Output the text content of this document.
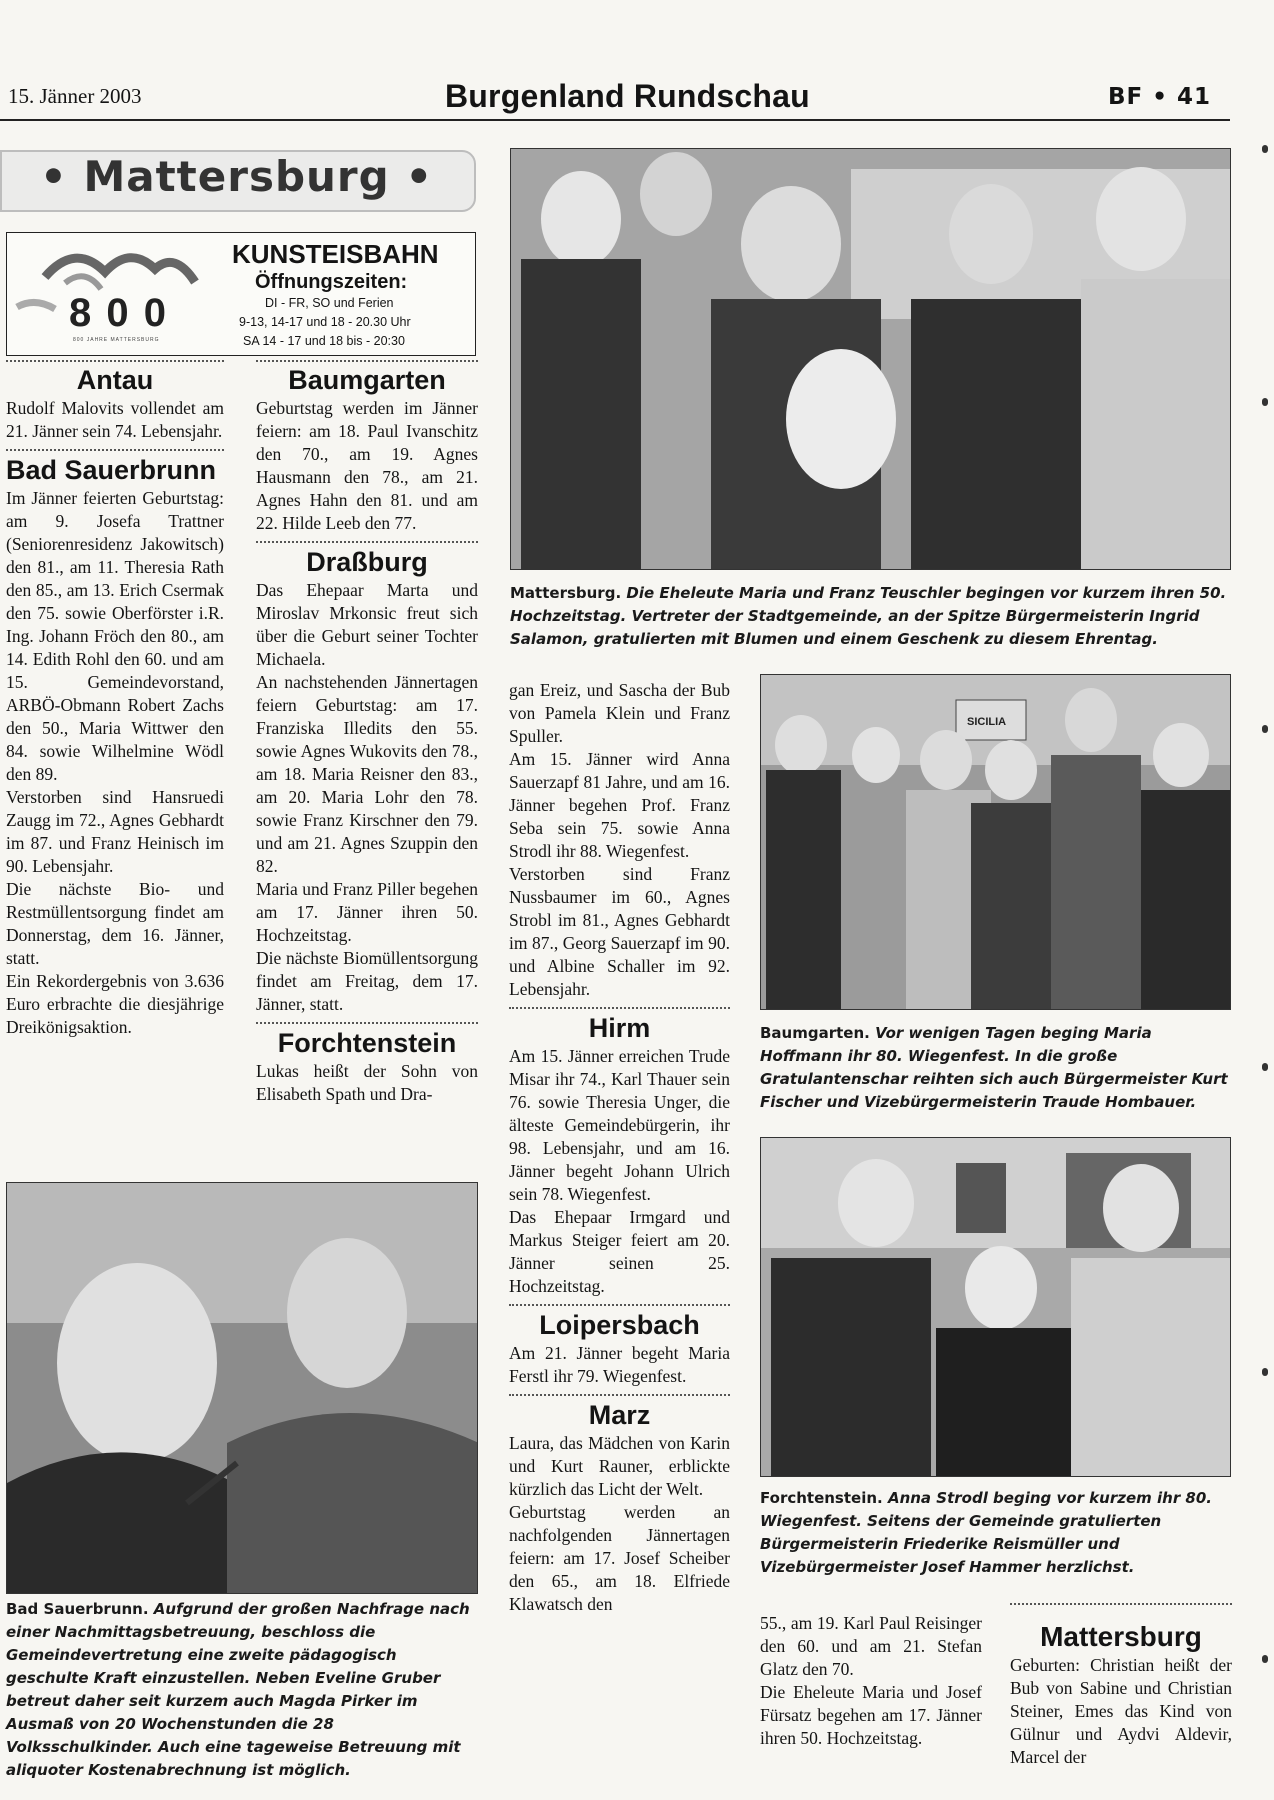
15. Jänner 2003	Burgenland Rundschau	BF • 41
• Mattersburg •
8 0 0
800 JAHRE MATTERSBURG
KUNSTEISBAHN
Öffnungszeiten:
DI - FR, SO und Ferien
9-13, 14-17 und 18 - 20.30 Uhr
SA 14 - 17 und 18 bis - 20:30
Antau

Rudolf Malovits vollendet am 21. Jänner sein 74. Lebensjahr.

Bad Sauerbrunn

Im Jänner feierten Geburtstag: am 9. Josefa Trattner (Seniorenresidenz Jakowitsch) den 81., am 11. Theresia Rath den 85., am 13. Erich Csermak den 75. sowie Oberförster i.R. Ing. Johann Fröch den 80., am 14. Edith Rohl den 60. und am 15. Gemeindevorstand, ARBÖ-Obmann Robert Zachs den 50., Maria Wittwer den 84. sowie Wilhelmine Wödl den 89.

Verstorben sind Hansruedi Zaugg im 72., Agnes Gebhardt im 87. und Franz Heinisch im 90. Lebensjahr.

Die nächste Bio- und Restmüllentsorgung findet am Donnerstag, dem 16. Jänner, statt.

Ein Rekordergebnis von 3.636 Euro erbrachte die diesjährige Dreikönigsaktion.

Baumgarten

Geburtstag werden im Jänner feiern: am 18. Paul Ivanschitz den 70., am 19. Agnes Hausmann den 78., am 21. Agnes Hahn den 81. und am 22. Hilde Leeb den 77.

Draßburg

Das Ehepaar Marta und Miroslav Mrkonsic freut sich über die Geburt seiner Tochter Michaela.

An nachstehenden Jännertagen feiern Geburtstag: am 17. Franziska Illedits den 55. sowie Agnes Wukovits den 78., am 18. Maria Reisner den 83., am 20. Maria Lohr den 78. sowie Franz Kirschner den 79. und am 21. Agnes Szuppin den 82.

Maria und Franz Piller begehen am 17. Jänner ihren 50. Hochzeitstag.

Die nächste Biomüllentsorgung findet am Freitag, dem 17. Jänner, statt.

Forchtenstein

Lukas heißt der Sohn von Elisabeth Spath und Dra-

Bad Sauerbrunn. Aufgrund der großen Nachfrage nach einer Nachmittagsbetreuung, beschloss die Gemeindevertretung eine zweite pädagogisch geschulte Kraft einzustellen. Neben Eveline Gruber betreut daher seit kurzem auch Magda Pirker im Ausmaß von 20 Wochenstunden die 28 Volksschulkinder. Auch eine tageweise Betreuung mit aliquoter Kostenabrechnung ist möglich.
Mattersburg. Die Eheleute Maria und Franz Teuschler begingen vor kurzem ihren 50. Hochzeitstag. Vertreter der Stadtgemeinde, an der Spitze Bürgermeisterin Ingrid Salamon, gratulierten mit Blumen und einem Geschenk zu diesem Ehrentag.

gan Ereiz, und Sascha der Bub von Pamela Klein und Franz Spuller.

Am 15. Jänner wird Anna Sauerzapf 81 Jahre, und am 16. Jänner begehen Prof. Franz Seba sein 75. sowie Anna Strodl ihr 88. Wiegenfest.

Verstorben sind Franz Nussbaumer im 60., Agnes Strobl im 81., Agnes Gebhardt im 87., Georg Sauerzapf im 90. und Albine Schaller im 92. Lebensjahr.

Hirm

Am 15. Jänner erreichen Trude Misar ihr 74., Karl Thauer sein 76. sowie Theresia Unger, die älteste Gemeindebürgerin, ihr 98. Lebensjahr, und am 16. Jänner begeht Johann Ulrich sein 78. Wiegenfest.

Das Ehepaar Irmgard und Markus Steiger feiert am 20. Jänner seinen 25. Hochzeitstag.

Loipersbach

Am 21. Jänner begeht Maria Ferstl ihr 79. Wiegenfest.

Marz

Laura, das Mädchen von Karin und Kurt Rauner, erblickte kürzlich das Licht der Welt.

Geburtstag werden an nachfolgenden Jännertagen feiern: am 17. Josef Scheiber den 65., am 18. Elfriede Klawatsch den

SICILIA
Baumgarten. Vor wenigen Tagen beging Maria Hoffmann ihr 80. Wiegenfest. In die große Gratulantenschar reihten sich auch Bürgermeister Kurt Fischer und Vizebürgermeisterin Traude Hombauer.
Forchtenstein. Anna Strodl beging vor kurzem ihr 80. Wiegenfest. Seitens der Gemeinde gratulierten Bürgermeisterin Friederike Reismüller und Vizebürgermeister Josef Hammer herzlichst.

55., am 19. Karl Paul Reisinger den 60. und am 21. Stefan Glatz den 70.

Die Eheleute Maria und Josef Fürsatz begehen am 17. Jänner ihren 50. Hochzeitstag.

Mattersburg

Geburten: Christian heißt der Bub von Sabine und Christian Steiner, Emes das Kind von Gülnur und Aydvi Aldevir, Marcel der
